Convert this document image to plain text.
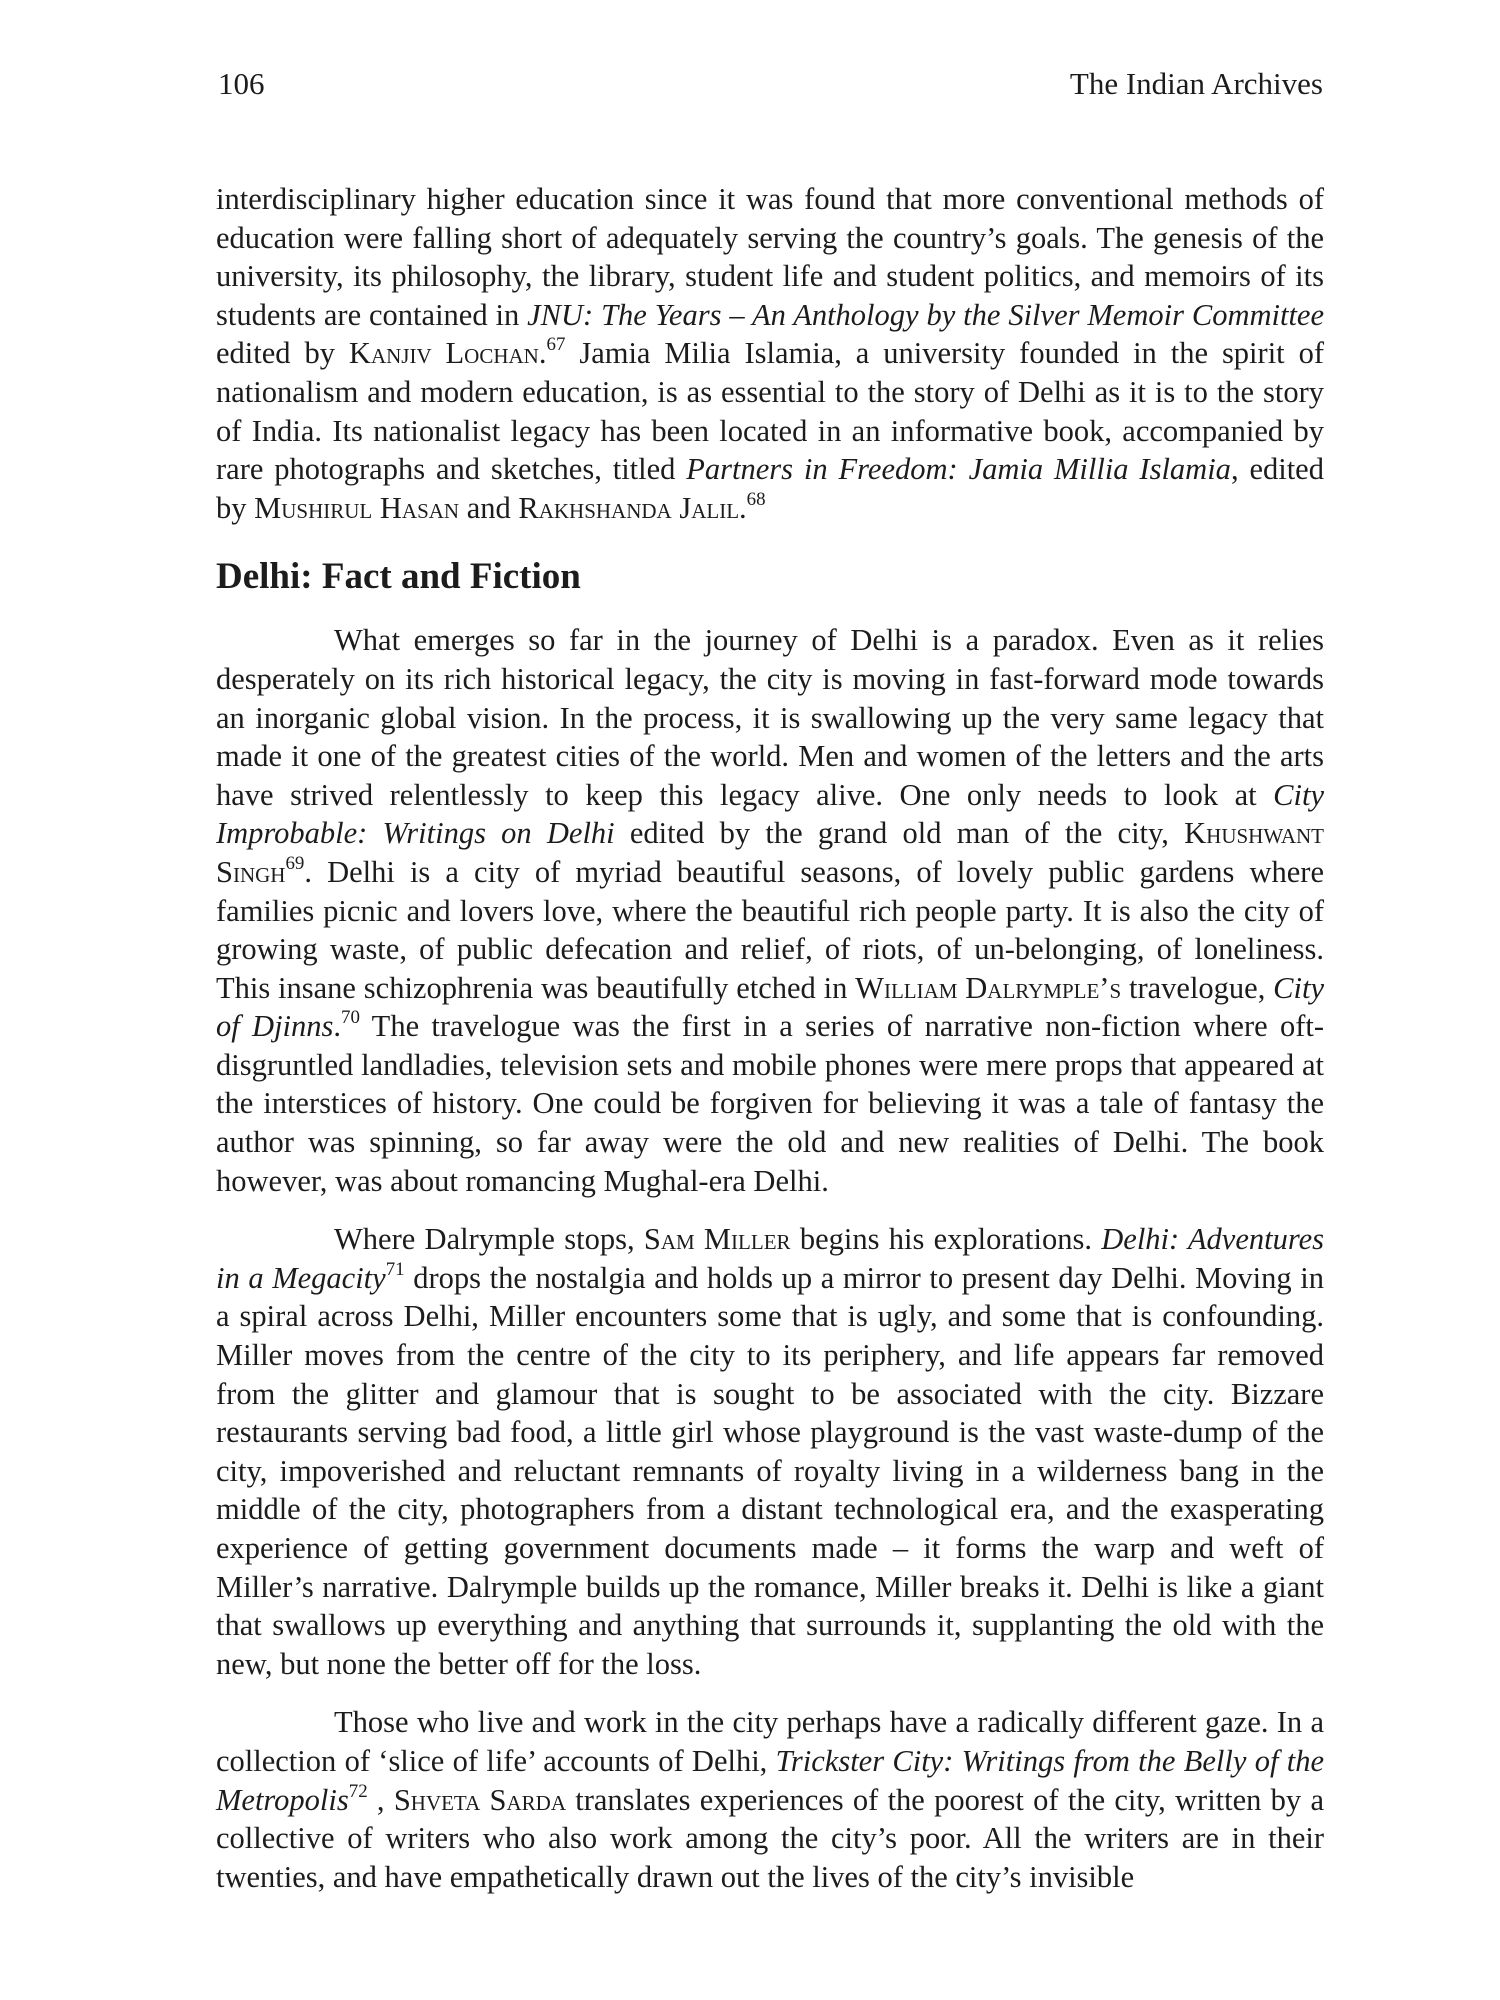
106	The Indian Archives

interdisciplinary higher education since it was found that more conventional methods of education were falling short of adequately serving the country’s goals. The genesis of the university, its philosophy, the library, student life and student politics, and memoirs of its students are contained in JNU: The Years – An Anthology by the Silver Memoir Committee edited by Kanjiv Lochan.$^{67}$ Jamia Milia Islamia, a university founded in the spirit of nationalism and modern education, is as essential to the story of Delhi as it is to the story of India. Its nationalist legacy has been located in an informative book, accompanied by rare photographs and sketches, titled Partners in Freedom: Jamia Millia Islamia, edited by Mushirul Hasan and Rakhshanda Jalil.$^{68}$

Delhi: Fact and Fiction

What emerges so far in the journey of Delhi is a paradox. Even as it relies desperately on its rich historical legacy, the city is moving in fast-forward mode towards an inorganic global vision. In the process, it is swallowing up the very same legacy that made it one of the greatest cities of the world. Men and women of the letters and the arts have strived relentlessly to keep this legacy alive. One only needs to look at City Improbable: Writings on Delhi edited by the grand old man of the city, Khushwant Singh$^{69}$. Delhi is a city of myriad beautiful seasons, of lovely public gardens where families picnic and lovers love, where the beautiful rich people party. It is also the city of growing waste, of public defecation and relief, of riots, of un-belonging, of loneliness. This insane schizophrenia was beautifully etched in William Dalrymple’s travelogue, City of Djinns.$^{70}$ The travelogue was the first in a series of narrative non-fiction where oft-disgruntled landladies, television sets and mobile phones were mere props that appeared at the interstices of history. One could be forgiven for believing it was a tale of fantasy the author was spinning, so far away were the old and new realities of Delhi. The book however, was about romancing Mughal-era Delhi.

Where Dalrymple stops, Sam Miller begins his explorations. Delhi: Adventures in a Megacity$^{71}$ drops the nostalgia and holds up a mirror to present day Delhi. Moving in a spiral across Delhi, Miller encounters some that is ugly, and some that is confounding. Miller moves from the centre of the city to its periphery, and life appears far removed from the glitter and glamour that is sought to be associated with the city. Bizzare restaurants serving bad food, a little girl whose playground is the vast waste-dump of the city, impoverished and reluctant remnants of royalty living in a wilderness bang in the middle of the city, photographers from a distant technological era, and the exasperating experience of getting government documents made – it forms the warp and weft of Miller’s narrative. Dalrymple builds up the romance, Miller breaks it. Delhi is like a giant that swallows up everything and anything that surrounds it, supplanting the old with the new, but none the better off for the loss.

Those who live and work in the city perhaps have a radically different gaze. In a collection of ‘slice of life’ accounts of Delhi, Trickster City: Writings from the Belly of the Metropolis$^{72}$ , Shveta Sarda translates experiences of the poorest of the city, written by a collective of writers who also work among the city’s poor. All the writers are in their twenties, and have empathetically drawn out the lives of the city’s invisible
